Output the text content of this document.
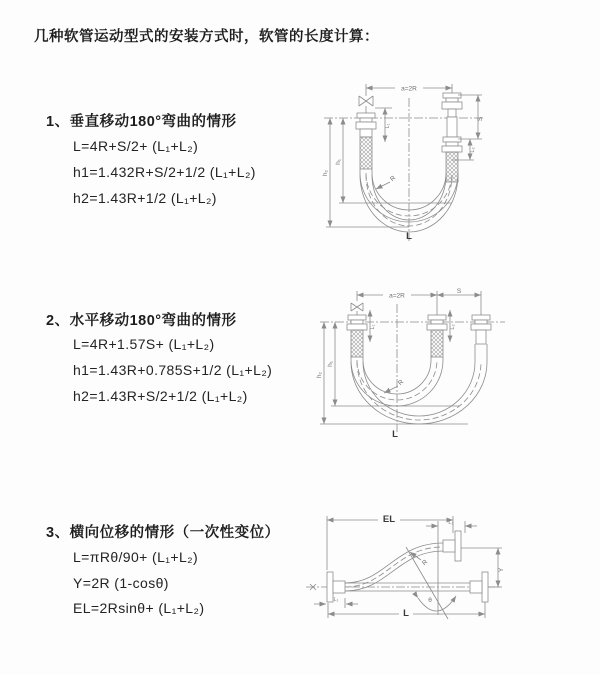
几种软管运动型式的安装方式时，软管的长度计算：
1、垂直移动180°弯曲的情形
L=4R+S/2+ (L₁+L₂)
h1=1.432R+S/2+1/2 (L₁+L₂)
h2=1.43R+1/2 (L₁+L₂)
2、水平移动180°弯曲的情形
L=4R+1.57S+ (L₁+L₂)
h1=1.43R+0.785S+1/2 (L₁+L₂)
h2=1.43R+S/2+1/2 (L₁+L₂)
3、横向位移的情形（一次性变位）
L=πRθ/90+ (L₁+L₂)
Y=2R (1-cosθ)
EL=2Rsinθ+ (L₁+L₂)
a=2R
S
L₁
L₂
h₁
h₂
R
L
a=2R
S
L₁	L₂
h₁
h₂
R
L
EL	L₂
Y
R
θ
L₁
L
